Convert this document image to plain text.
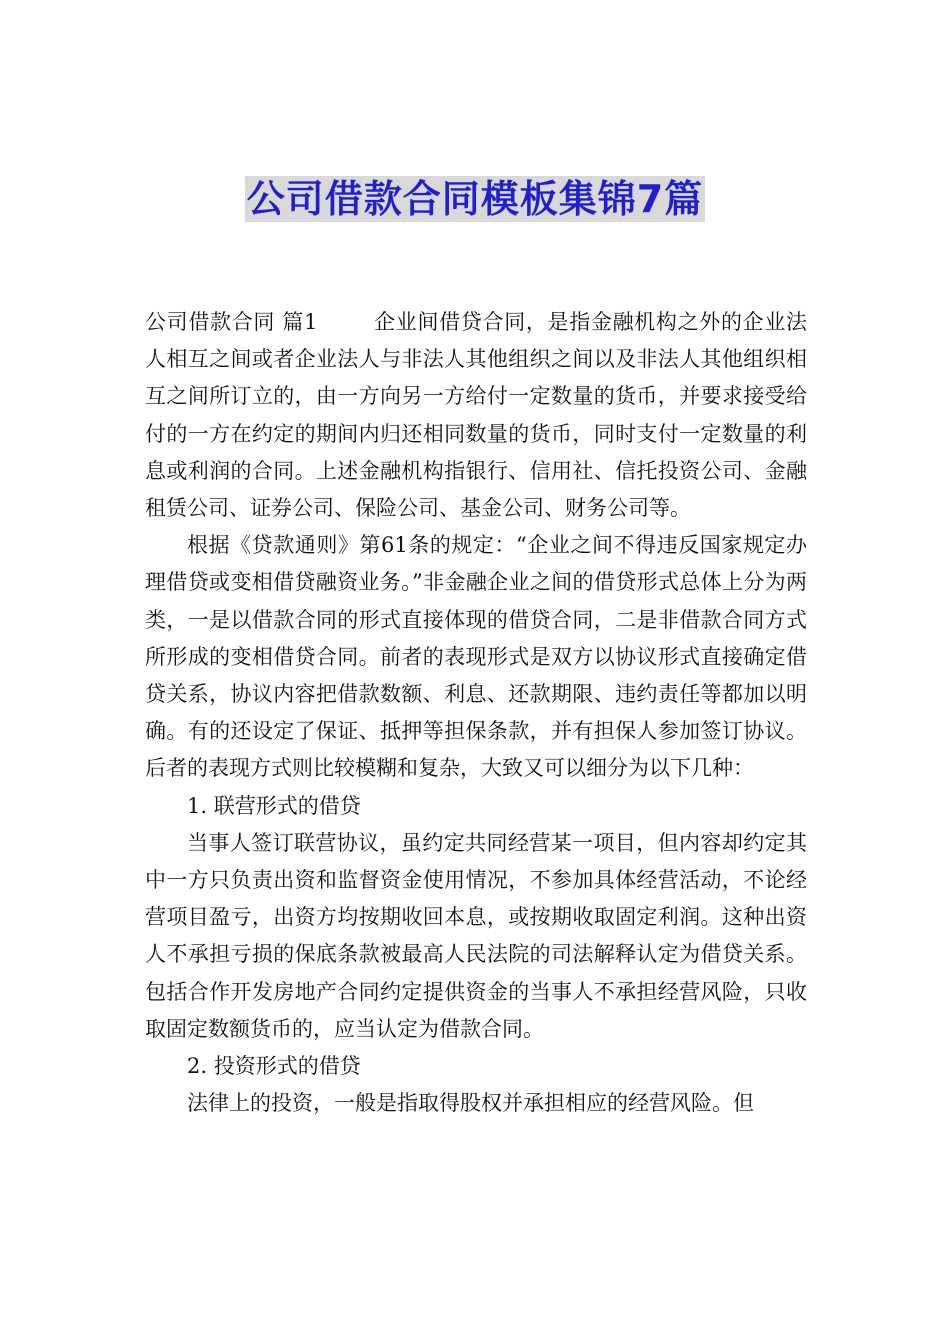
公司借款合同模板集锦7篇

公司借款合同 篇1	企业间借贷合同，是指金融机构之外的企业法人相互之间或者企业法人与非法人其他组织之间以及非法人其他组织相互之间所订立的，由一方向另一方给付一定数量的货币，并要求接受给付的一方在约定的期间内归还相同数量的货币，同时支付一定数量的利息或利润的合同。上述金融机构指银行、信用社、信托投资公司、金融租赁公司、证券公司、保险公司、基金公司、财务公司等。

根据《贷款通则》第61条的规定：“企业之间不得违反国家规定办理借贷或变相借贷融资业务。”非金融企业之间的借贷形式总体上分为两类，一是以借款合同的形式直接体现的借贷合同，二是非借款合同方式所形成的变相借贷合同。前者的表现形式是双方以协议形式直接确定借贷关系，协议内容把借款数额、利息、还款期限、违约责任等都加以明确。有的还设定了保证、抵押等担保条款，并有担保人参加签订协议。后者的表现方式则比较模糊和复杂，大致又可以细分为以下几种：

1. 联营形式的借贷

当事人签订联营协议，虽约定共同经营某一项目，但内容却约定其中一方只负责出资和监督资金使用情况，不参加具体经营活动，不论经营项目盈亏，出资方均按期收回本息，或按期收取固定利润。这种出资人不承担亏损的保底条款被最高人民法院的司法解释认定为借贷关系。包括合作开发房地产合同约定提供资金的当事人不承担经营风险，只收取固定数额货币的，应当认定为借款合同。

2. 投资形式的借贷

法律上的投资，一般是指取得股权并承担相应的经营风险。但
